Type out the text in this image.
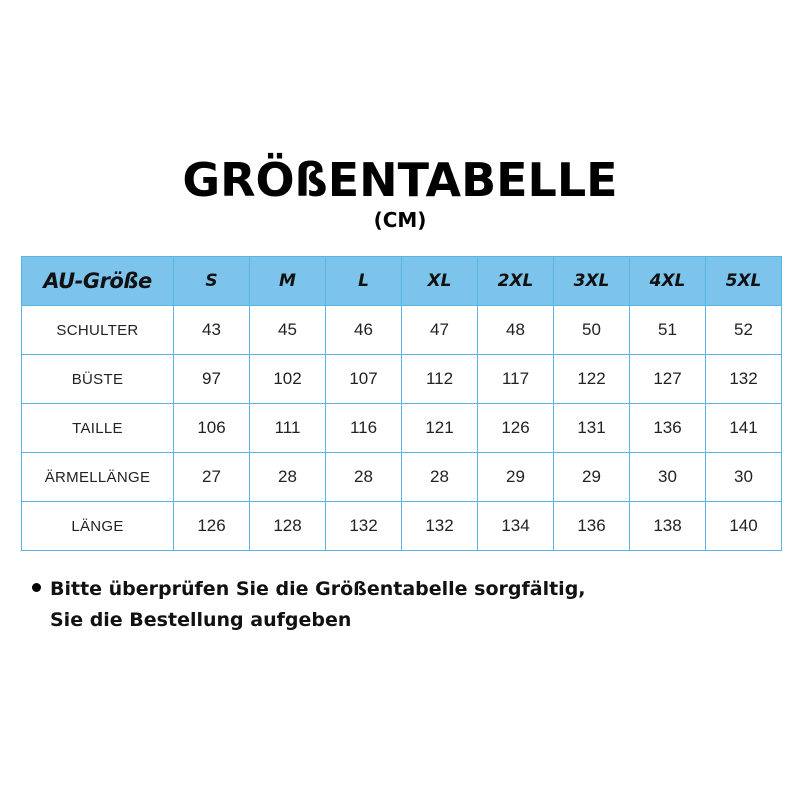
GRÖßENTABELLE
(CM)
AU-Größe	S	M	L	XL	2XL	3XL	4XL	5XL
SCHULTER	43	45	46	47	48	50	51	52
BÜSTE	97	102	107	112	117	122	127	132
TAILLE	106	111	116	121	126	131	136	141
ÄRMELLÄNGE	27	28	28	28	29	29	30	30
LÄNGE	126	128	132	132	134	136	138	140
Bitte überprüfen Sie die Größentabelle sorgfältig,
Sie die Bestellung aufgeben
